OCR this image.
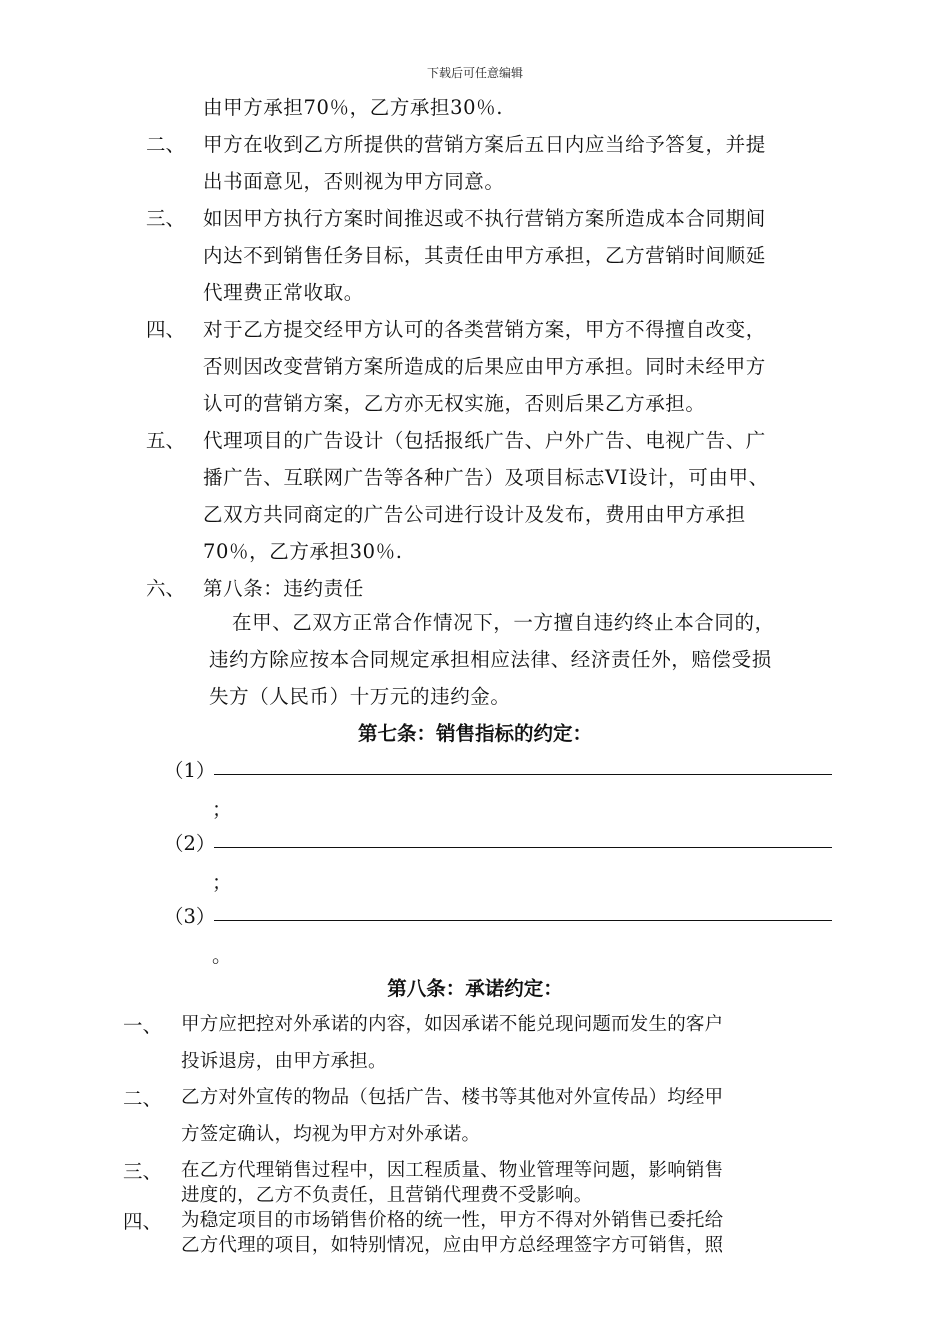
下载后可任意编辑
由甲方承担70％，乙方承担30％.
二、 甲方在收到乙方所提供的营销方案后五日内应当给予答复，并提
出书面意见，否则视为甲方同意。
三、 如因甲方执行方案时间推迟或不执行营销方案所造成本合同期间
内达不到销售任务目标，其责任由甲方承担，乙方营销时间顺延
代理费正常收取。
四、 对于乙方提交经甲方认可的各类营销方案，甲方不得擅自改变，
否则因改变营销方案所造成的后果应由甲方承担。同时未经甲方
认可的营销方案，乙方亦无权实施，否则后果乙方承担。
五、 代理项目的广告设计（包括报纸广告、户外广告、电视广告、广
播广告、互联网广告等各种广告）及项目标志VI设计，可由甲、
乙双方共同商定的广告公司进行设计及发布，费用由甲方承担
70％，乙方承担30％.
六、 第八条：违约责任
在甲、乙双方正常合作情况下，一方擅自违约终止本合同的，
违约方除应按本合同规定承担相应法律、经济责任外，赔偿受损
失方（人民币）十万元的违约金。
第七条：销售指标的约定：
（1）
；
（2）
；
（3）
。
第八条：承诺约定：
一、 甲方应把控对外承诺的内容，如因承诺不能兑现问题而发生的客户
投诉退房，由甲方承担。
二、 乙方对外宣传的物品（包括广告、楼书等其他对外宣传品）均经甲
方签定确认，均视为甲方对外承诺。
三、 在乙方代理销售过程中，因工程质量、物业管理等问题，影响销售
进度的，乙方不负责任，且营销代理费不受影响。
四、 为稳定项目的市场销售价格的统一性，甲方不得对外销售已委托给
乙方代理的项目，如特别情况，应由甲方总经理签字方可销售，照
